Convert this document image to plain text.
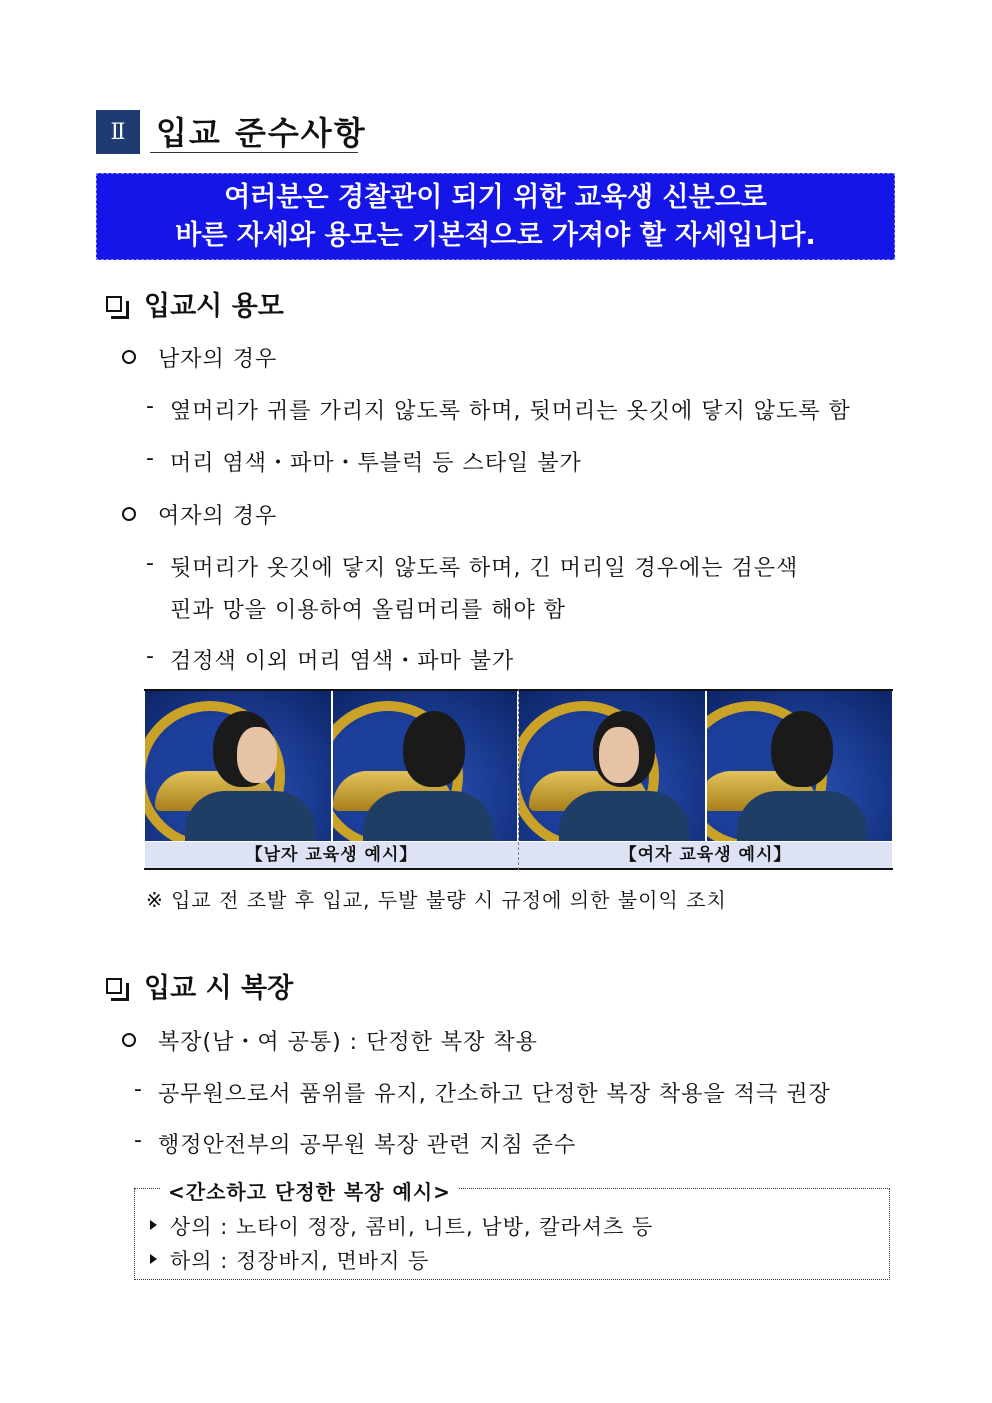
Ⅱ 입교 준수사항
여러분은 경찰관이 되기 위한 교육생 신분으로
바른 자세와 용모는 기본적으로 가져야 할 자세입니다.
입교시 용모
남자의 경우
- 옆머리가 귀를 가리지 않도록 하며, 뒷머리는 옷깃에 닿지 않도록 함
- 머리 염색・파마・투블럭 등 스타일 불가
여자의 경우
- 뒷머리가 옷깃에 닿지 않도록 하며, 긴 머리일 경우에는 검은색
핀과 망을 이용하여 올림머리를 해야 함
- 검정색 이외 머리 염색・파마 불가
【남자 교육생 예시】	【여자 교육생 예시】
※ 입교 전 조발 후 입교, 두발 불량 시 규정에 의한 불이익 조치
입교 시 복장
복장(남・여 공통) : 단정한 복장 착용
- 공무원으로서 품위를 유지, 간소하고 단정한 복장 착용을 적극 권장
- 행정안전부의 공무원 복장 관련 지침 준수
<간소하고 단정한 복장 예시>
상의 : 노타이 정장, 콤비, 니트, 남방, 칼라셔츠 등
하의 : 정장바지, 면바지 등
